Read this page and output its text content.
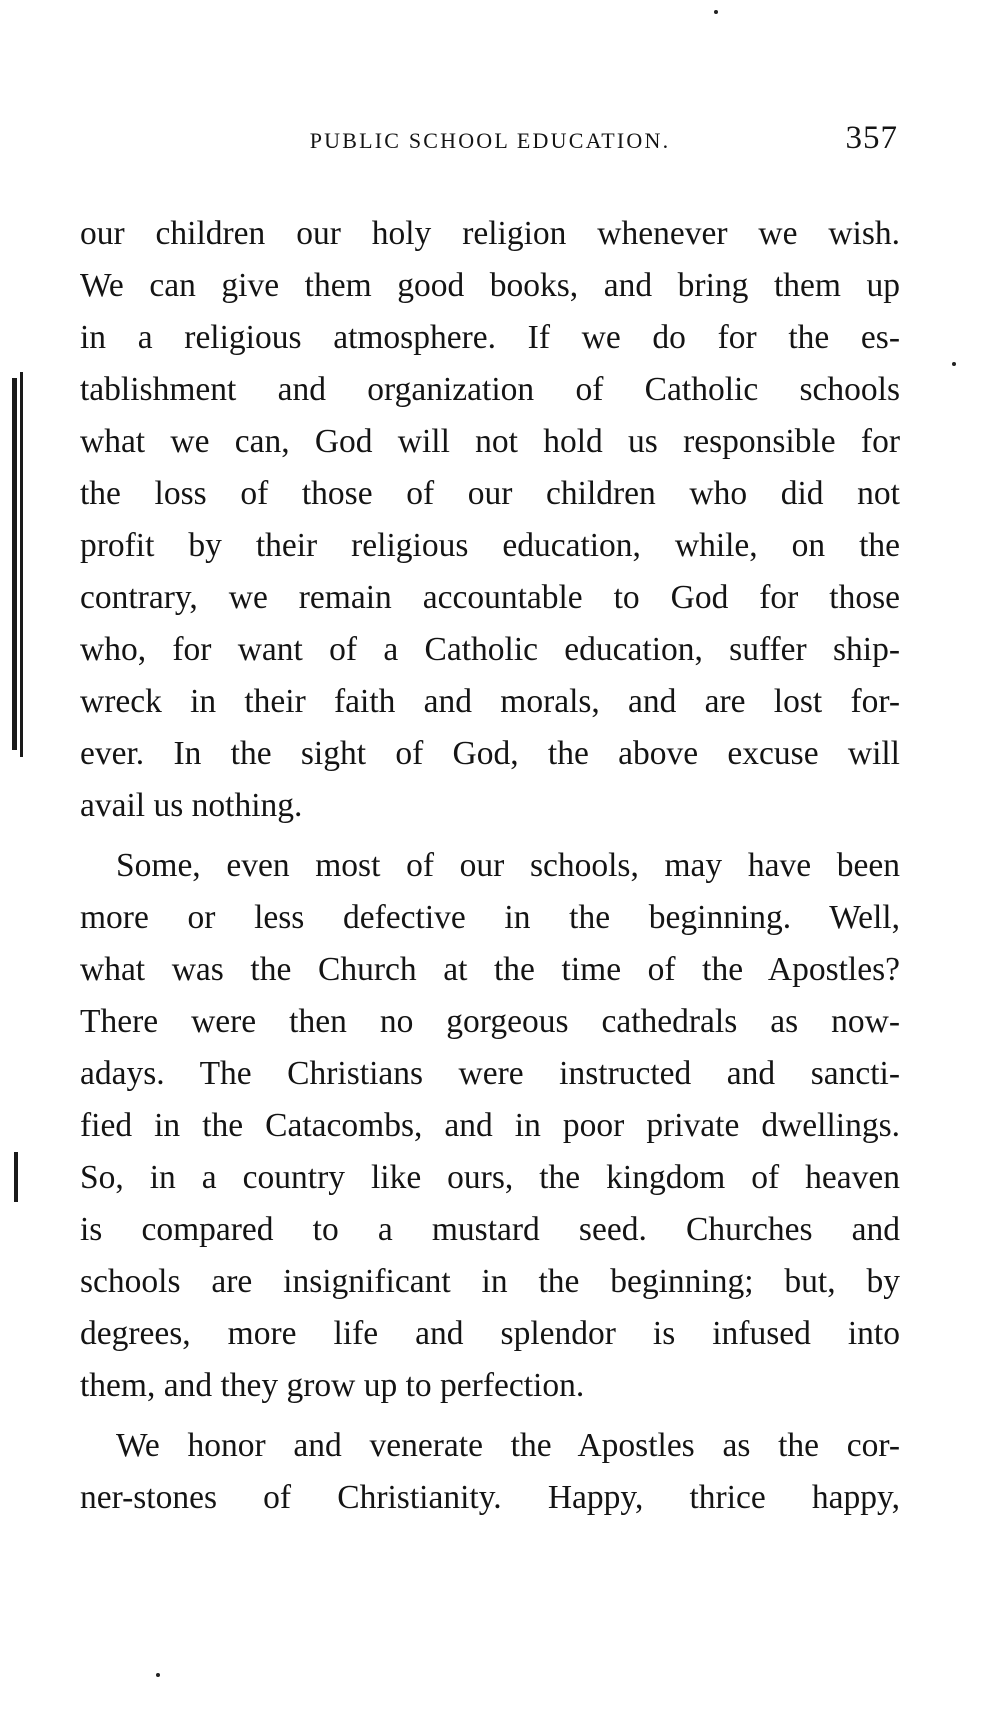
PUBLIC SCHOOL EDUCATION.	357
our children our holy religion whenever we wish.
We can give them good books, and bring them up
in a religious atmosphere. If we do for the es-
tablishment and organization of Catholic schools
what we can, God will not hold us responsible for
the loss of those of our children who did not
profit by their religious education, while, on the
contrary, we remain accountable to God for those
who, for want of a Catholic education, suffer ship-
wreck in their faith and morals, and are lost for-
ever. In the sight of God, the above excuse will
avail us nothing.
Some, even most of our schools, may have been
more or less defective in the beginning. Well,
what was the Church at the time of the Apostles?
There were then no gorgeous cathedrals as now-
adays. The Christians were instructed and sancti-
fied in the Catacombs, and in poor private dwellings.
So, in a country like ours, the kingdom of heaven
is compared to a mustard seed. Churches and
schools are insignificant in the beginning; but, by
degrees, more life and splendor is infused into
them, and they grow up to perfection.
We honor and venerate the Apostles as the cor-
ner-stones of Christianity. Happy, thrice happy,
